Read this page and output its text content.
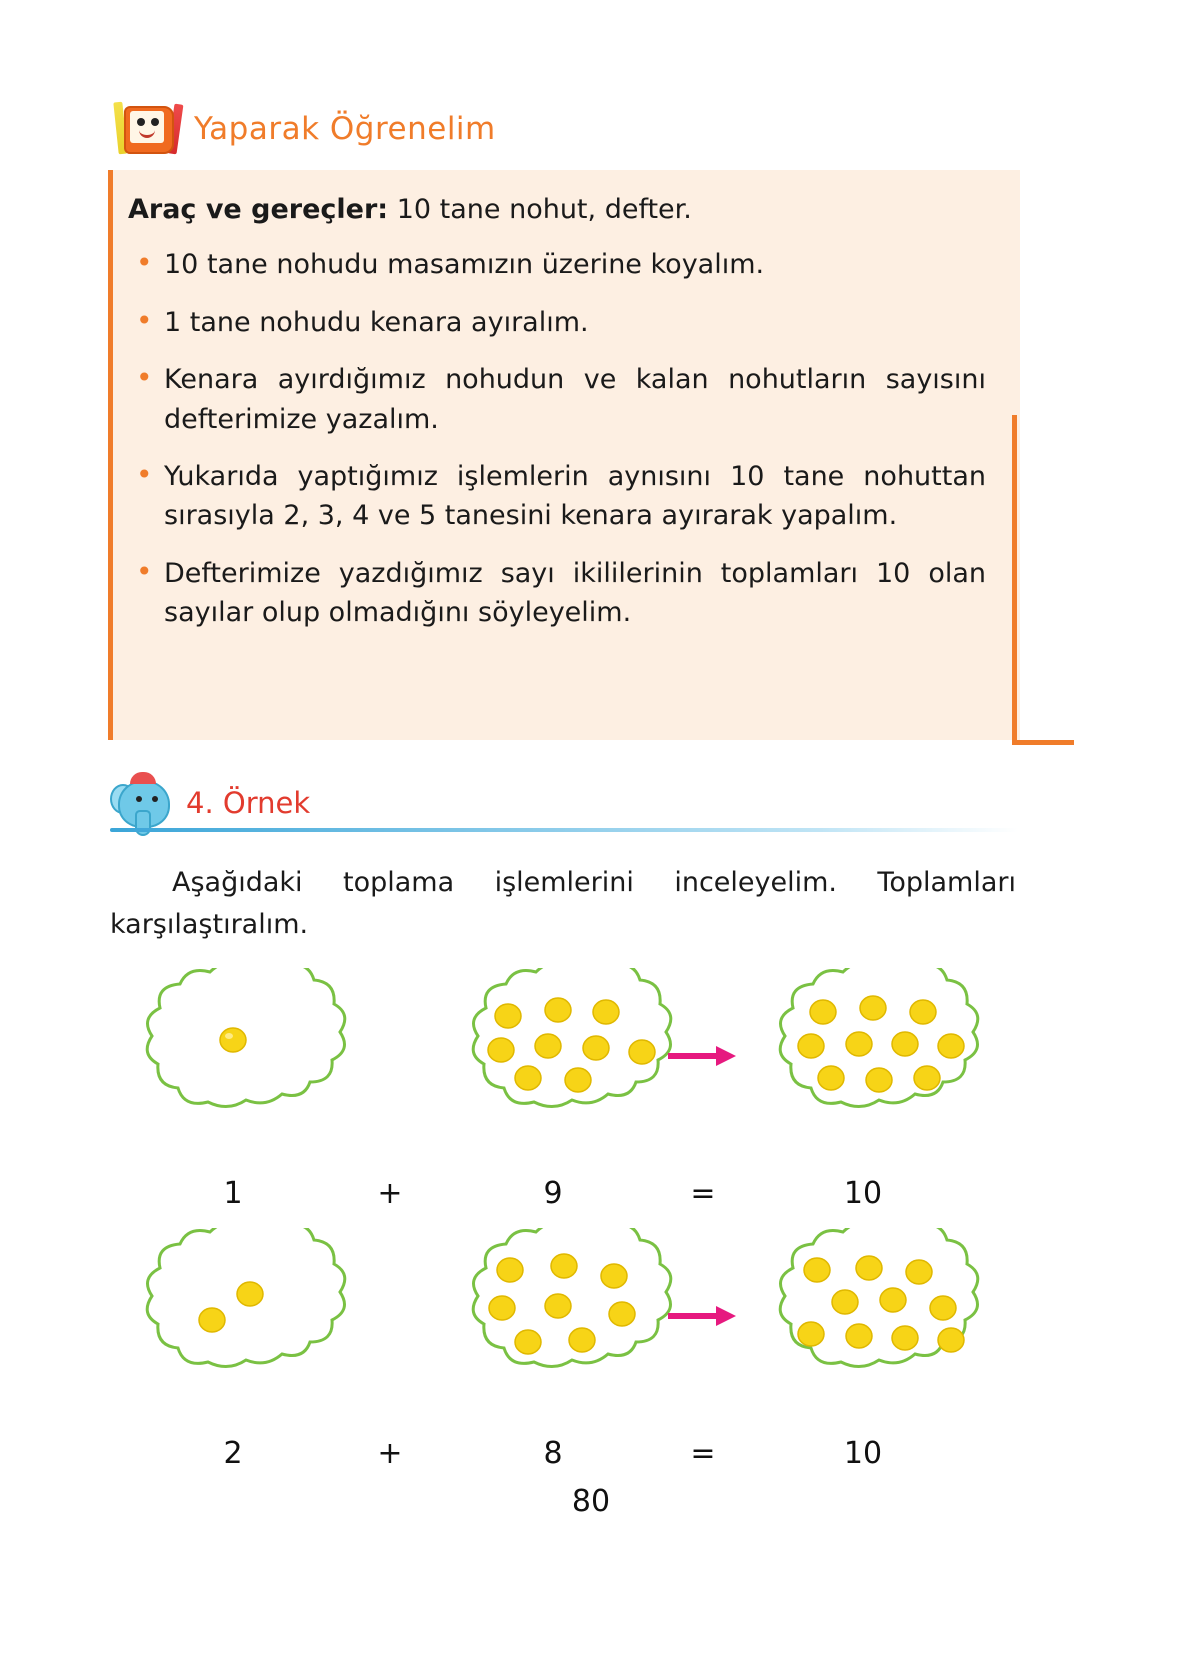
Yaparak Öğrenelim

Araç ve gereçler: 10 tane nohut, defter.

• 10 tane nohudu masamızın üzerine koyalım.
• 1 tane nohudu kenara ayıralım.
• Kenara ayırdığımız nohudun ve kalan nohutların sayısını defterimize yazalım.
• Yukarıda yaptığımız işlemlerin aynısını 10 tane nohuttan sırasıyla 2, 3, 4 ve 5 tanesini kenara ayırarak yapalım.
• Defterimize yazdığımız sayı ikililerinin toplamları 10 olan sayılar olup olmadığını söyleyelim.
4. Örnek
Aşağıdaki toplama işlemlerini inceleyelim. Toplamları karşılaştıralım.
1	+	9	=	10
2	+	8	=	10
80
